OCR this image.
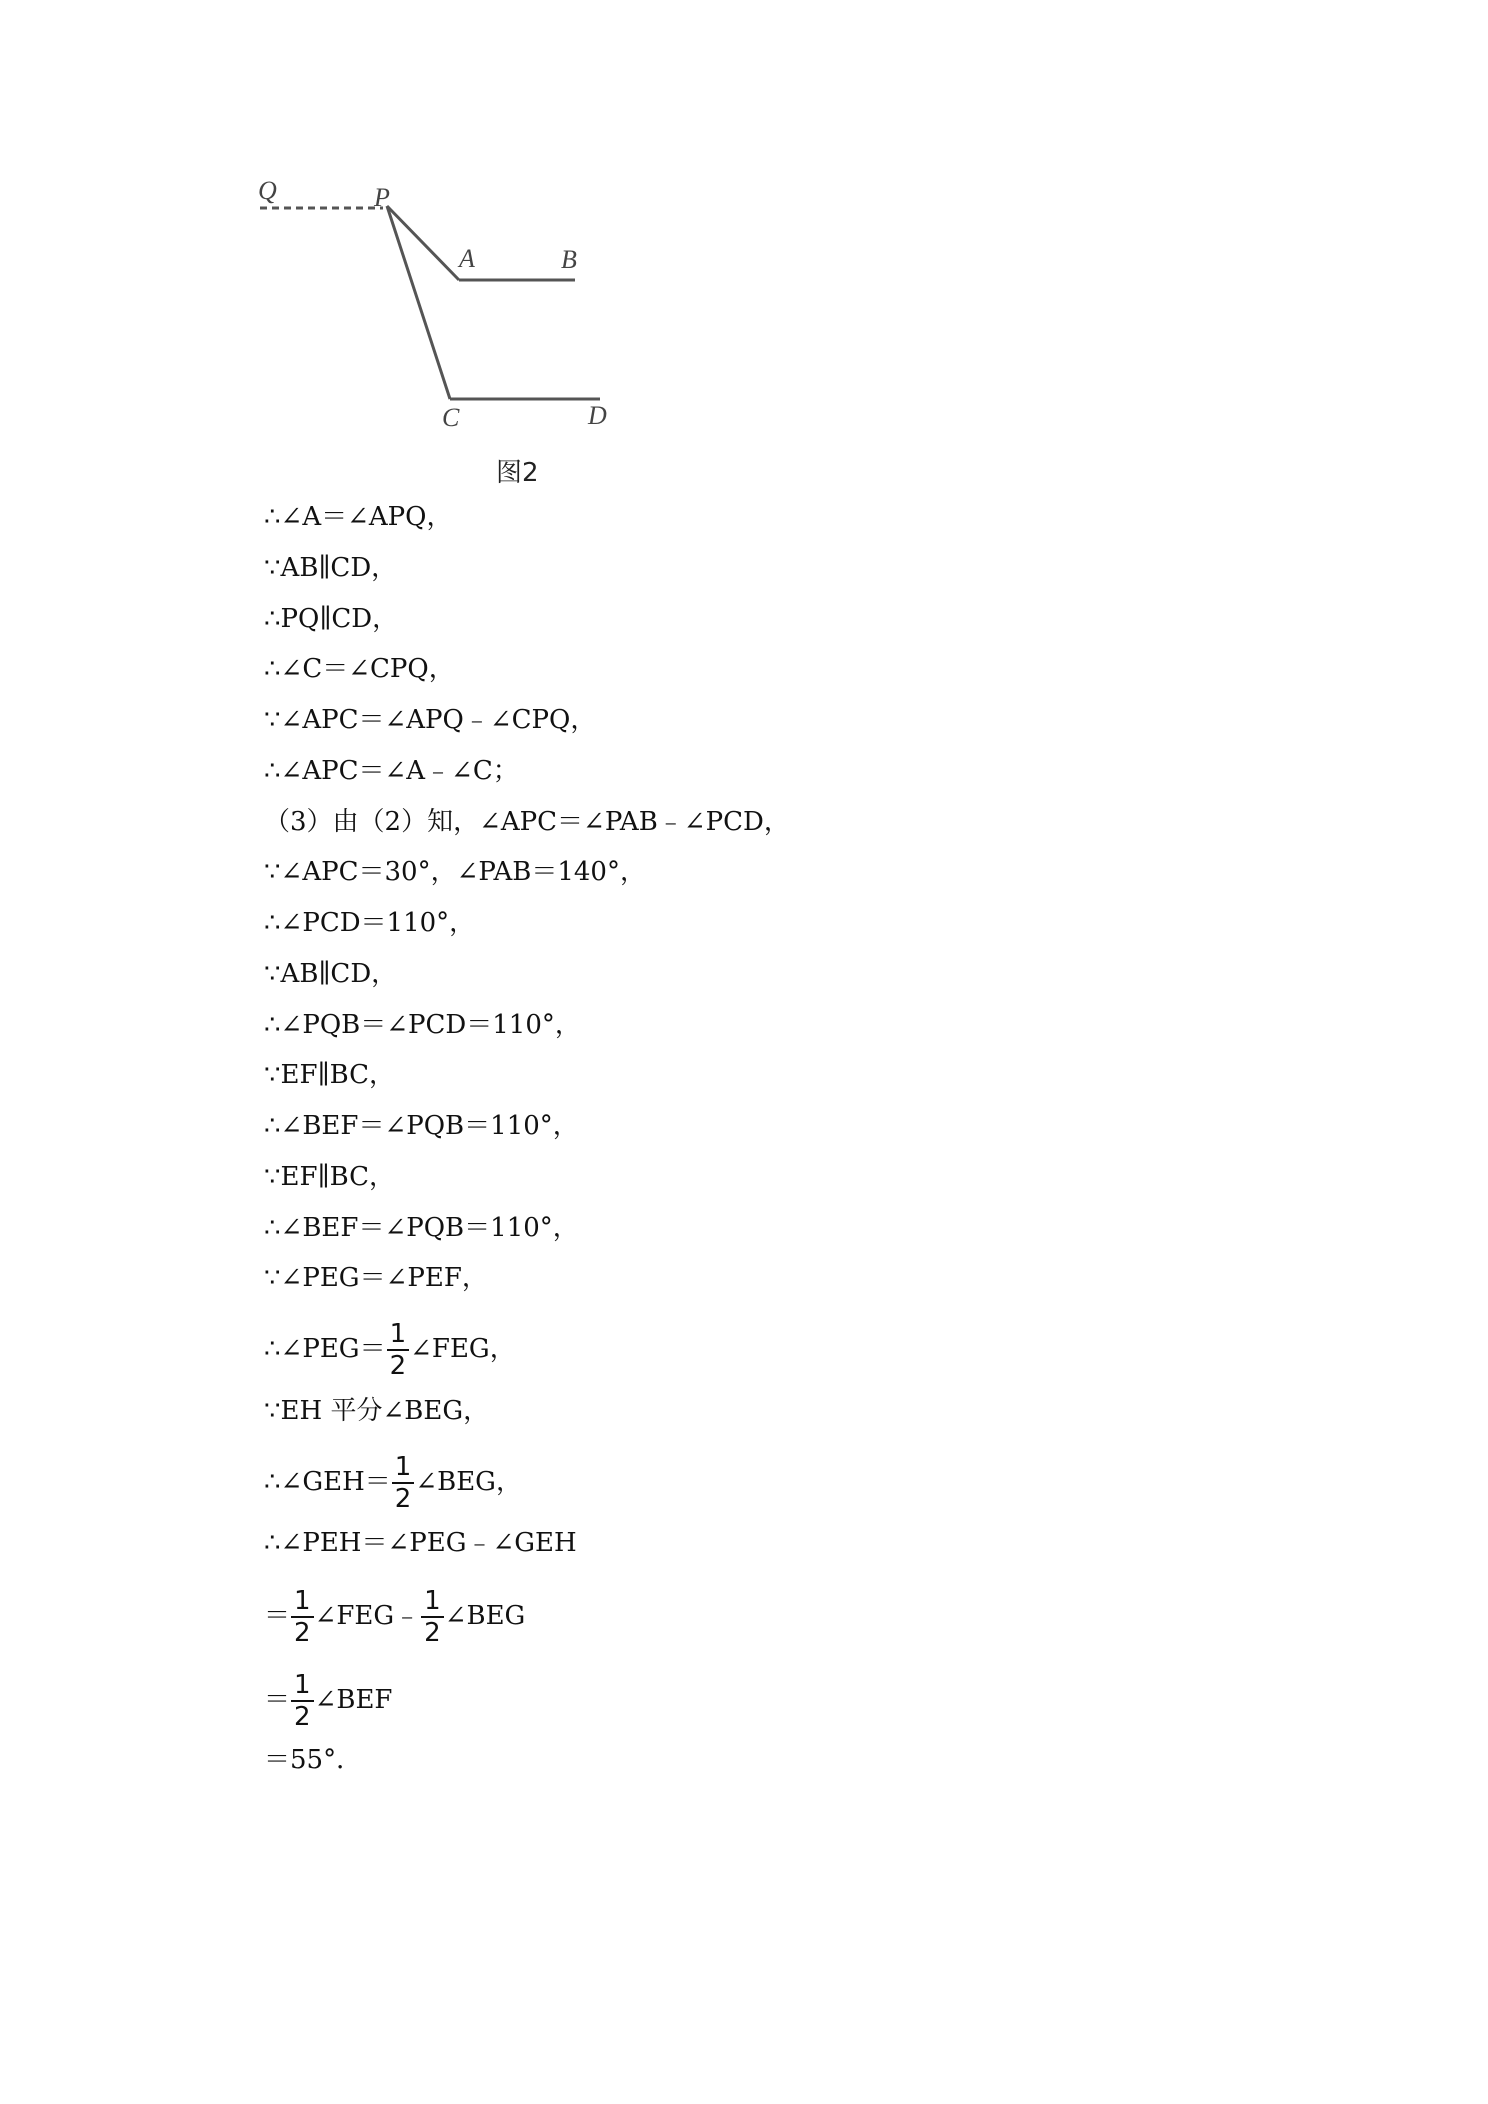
Q	P
A	B
C	D
图2
∴∠A＝∠APQ，
∵AB∥CD，
∴PQ∥CD，
∴∠C＝∠CPQ，
∵∠APC＝∠APQ﹣∠CPQ，
∴∠APC＝∠A﹣∠C；
（3）由（2）知，∠APC＝∠PAB﹣∠PCD，
∵∠APC＝30°，∠PAB＝140°，
∴∠PCD＝110°，
∵AB∥CD，
∴∠PQB＝∠PCD＝110°，
∵EF∥BC，
∴∠BEF＝∠PQB＝110°，
∵EF∥BC，
∴∠BEF＝∠PQB＝110°，
∵∠PEG＝∠PEF，
∴∠PEG＝ $\frac{1}{2}$ ∠FEG，
∵EH 平分∠BEG，
∴∠GEH＝ $\frac{1}{2}$ ∠BEG，
∴∠PEH＝∠PEG﹣∠GEH
＝ $\frac{1}{2}$ ∠FEG﹣ $\frac{1}{2}$ ∠BEG
＝ $\frac{1}{2}$ ∠BEF
＝55°．
